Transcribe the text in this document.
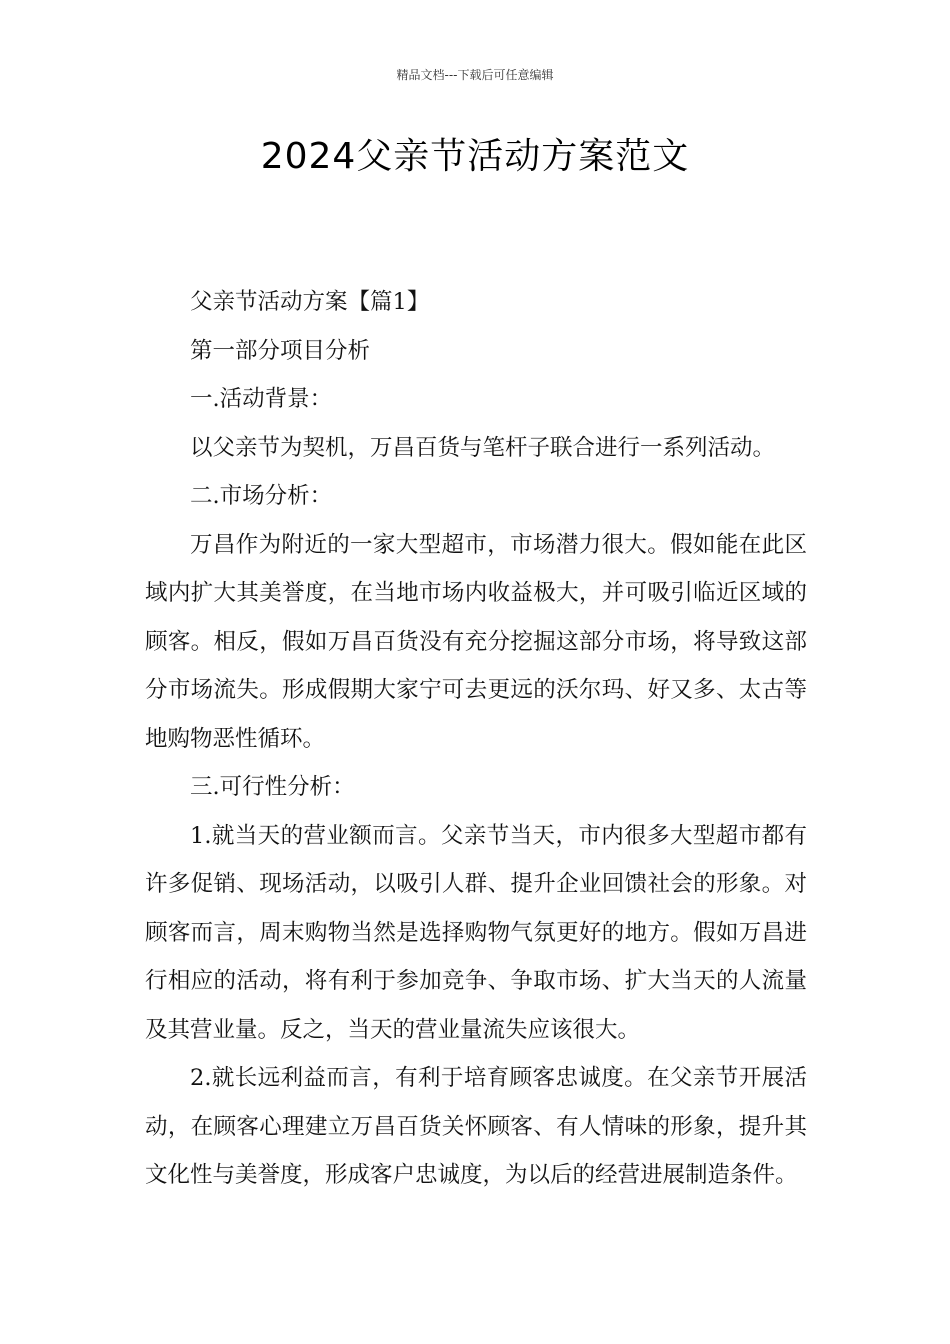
精品文档---下载后可任意编辑
2024父亲节活动方案范文

父亲节活动方案【篇1】

第一部分项目分析

一.活动背景：

以父亲节为契机，万昌百货与笔杆子联合进行一系列活动。

二.市场分析：

万昌作为附近的一家大型超市，市场潜力很大。假如能在此区域内扩大其美誉度，在当地市场内收益极大，并可吸引临近区域的顾客。相反，假如万昌百货没有充分挖掘这部分市场，将导致这部分市场流失。形成假期大家宁可去更远的沃尔玛、好又多、太古等地购物恶性循环。

三.可行性分析：

1.就当天的营业额而言。父亲节当天，市内很多大型超市都有许多促销、现场活动，以吸引人群、提升企业回馈社会的形象。对顾客而言，周末购物当然是选择购物气氛更好的地方。假如万昌进行相应的活动，将有利于参加竞争、争取市场、扩大当天的人流量及其营业量。反之，当天的营业量流失应该很大。

2.就长远利益而言，有利于培育顾客忠诚度。在父亲节开展活动，在顾客心理建立万昌百货关怀顾客、有人情味的形象，提升其文化性与美誉度，形成客户忠诚度，为以后的经营进展制造条件。
